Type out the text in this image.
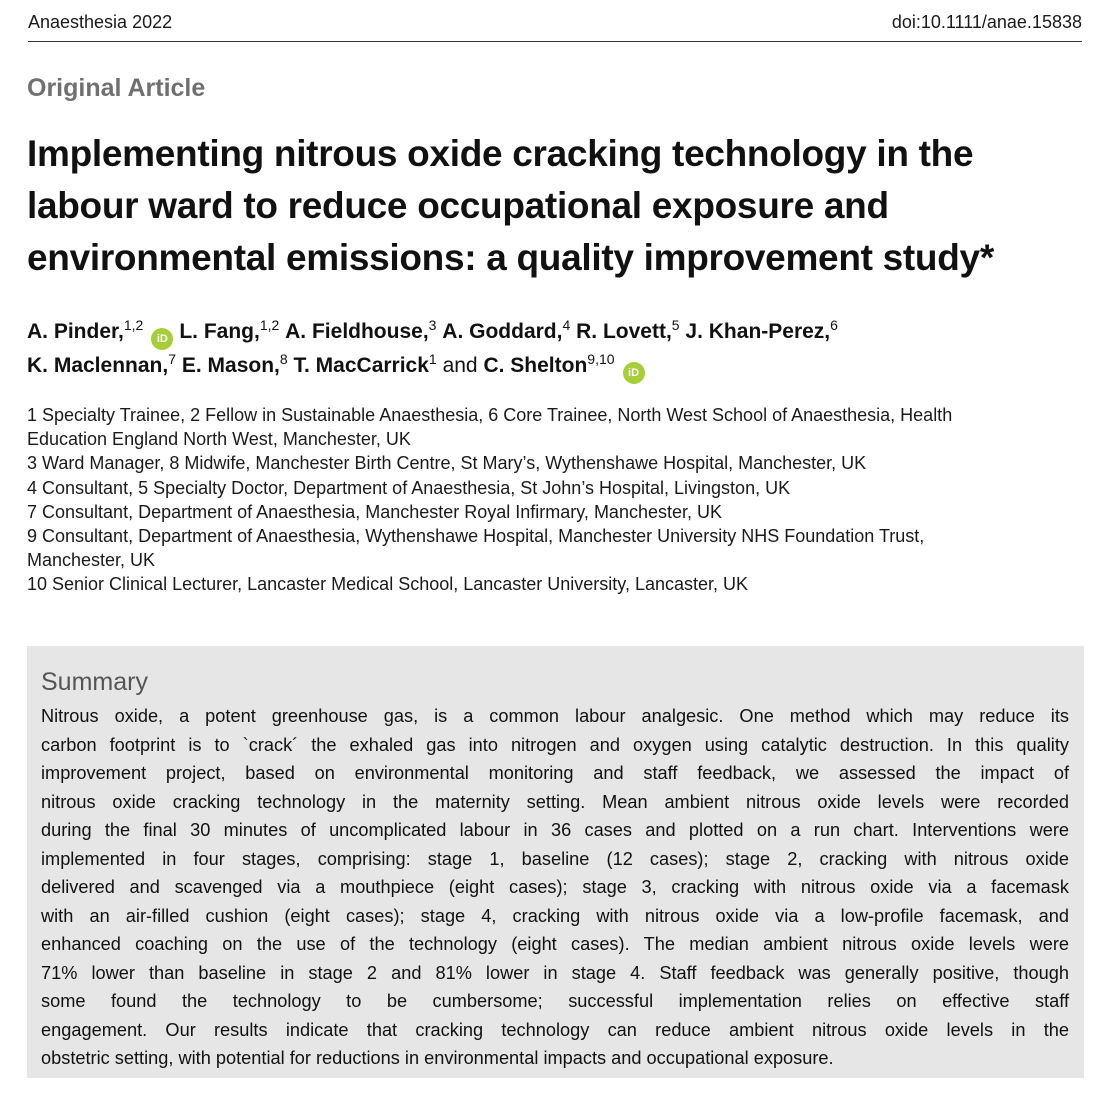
Anaesthesia 2022	doi:10.1111/anae.15838
Original Article
Implementing nitrous oxide cracking technology in the
labour ward to reduce occupational exposure and
environmental emissions: a quality improvement study*
A. Pinder,$^{1,2}$iD L. Fang,$^{1,2}$ A. Fieldhouse,$^3$ A. Goddard,$^4$ R. Lovett,$^5$ J. Khan-Perez,$^6$
K. Maclennan,$^7$ E. Mason,$^8$ T. MacCarrick$^1$ and C. Shelton$^{9,10}$iD
1 Specialty Trainee, 2 Fellow in Sustainable Anaesthesia, 6 Core Trainee, North West School of Anaesthesia, Health
Education England North West, Manchester, UK
3 Ward Manager, 8 Midwife, Manchester Birth Centre, St Mary’s, Wythenshawe Hospital, Manchester, UK
4 Consultant, 5 Specialty Doctor, Department of Anaesthesia, St John’s Hospital, Livingston, UK
7 Consultant, Department of Anaesthesia, Manchester Royal Infirmary, Manchester, UK
9 Consultant, Department of Anaesthesia, Wythenshawe Hospital, Manchester University NHS Foundation Trust,
Manchester, UK
10 Senior Clinical Lecturer, Lancaster Medical School, Lancaster University, Lancaster, UK
Summary
Nitrous oxide, a potent greenhouse gas, is a common labour analgesic. One method which may reduce its
carbon footprint is to `crack´ the exhaled gas into nitrogen and oxygen using catalytic destruction. In this quality
improvement project, based on environmental monitoring and staff feedback, we assessed the impact of
nitrous oxide cracking technology in the maternity setting. Mean ambient nitrous oxide levels were recorded
during the final 30 minutes of uncomplicated labour in 36 cases and plotted on a run chart. Interventions were
implemented in four stages, comprising: stage 1, baseline (12 cases); stage 2, cracking with nitrous oxide
delivered and scavenged via a mouthpiece (eight cases); stage 3, cracking with nitrous oxide via a facemask
with an air-filled cushion (eight cases); stage 4, cracking with nitrous oxide via a low-profile facemask, and
enhanced coaching on the use of the technology (eight cases). The median ambient nitrous oxide levels were
71% lower than baseline in stage 2 and 81% lower in stage 4. Staff feedback was generally positive, though
some found the technology to be cumbersome; successful implementation relies on effective staff
engagement. Our results indicate that cracking technology can reduce ambient nitrous oxide levels in the
obstetric setting, with potential for reductions in environmental impacts and occupational exposure.
